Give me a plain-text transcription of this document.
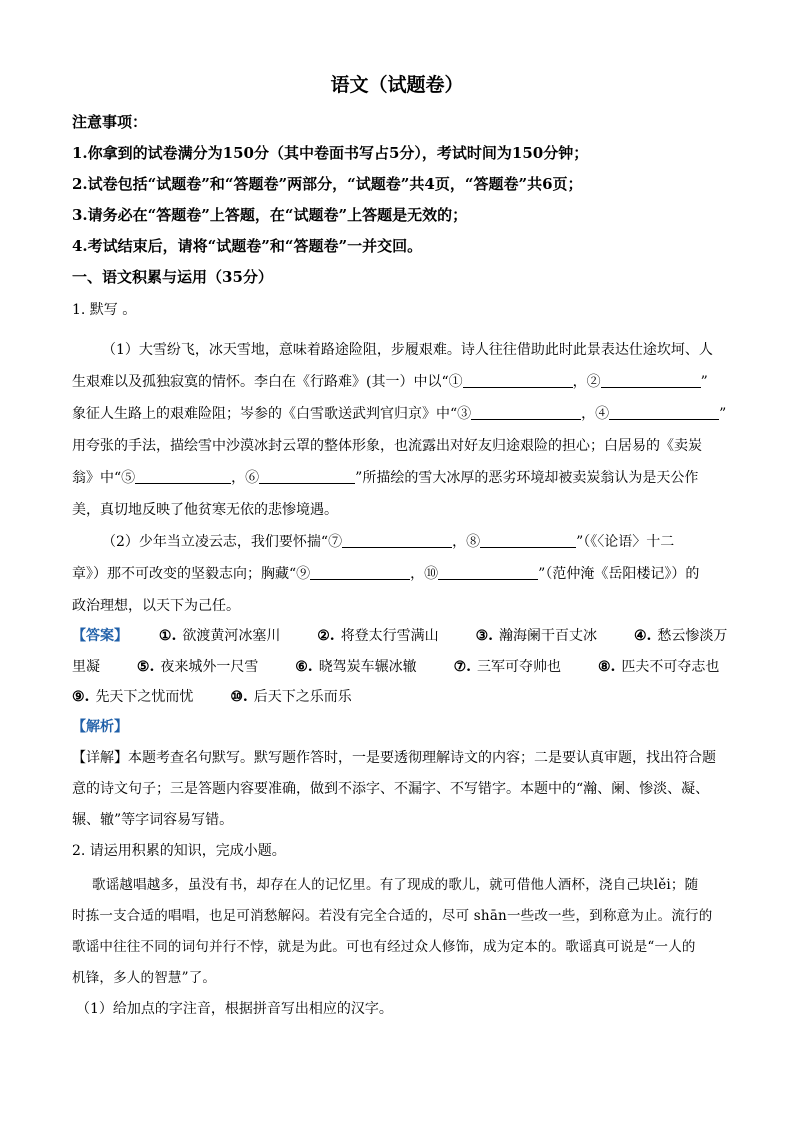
语文（试题卷）
注意事项：
1.你拿到的试卷满分为150分（其中卷面书写占5分），考试时间为150分钟；
2.试卷包括“试题卷”和“答题卷”两部分，“试题卷”共4页，“答题卷”共6页；
3.请务必在“答题卷”上答题，在“试题卷”上答题是无效的；
4.考试结束后，请将“试题卷”和“答题卷”一并交回。
一、语文积累与运用（35分）
1. 默写 。
（1）大雪纷飞，冰天雪地，意味着路途险阻，步履艰难。诗人往往借助此时此景表达仕途坎坷、人
生艰难以及孤独寂寞的情怀。李白在《行路难》(其一）中以“①	，②	”
象征人生路上的艰难险阻；岑参的《白雪歌送武判官归京》中“③	，④	”
用夸张的手法，描绘雪中沙漠冰封云罩的整体形象，也流露出对好友归途艰险的担心；白居易的《卖炭
翁》中“⑤	，⑥	”所描绘的雪大冰厚的恶劣环境却被卖炭翁认为是天公作
美，真切地反映了他贫寒无依的悲惨境遇。
（2）少年当立凌云志，我们要怀揣“⑦	，⑧	”（《〈论语〉十二
章》）那不可改变的坚毅志向；胸藏“⑨	，⑩	”（范仲淹《岳阳楼记》）的
政治理想，以天下为己任。
【答案】 ①. 欲渡黄河冰塞川	②. 将登太行雪满山	③. 瀚海阑干百丈冰	④. 愁云惨淡万
里凝	⑤. 夜来城外一尺雪	⑥. 晓驾炭车辗冰辙	⑦. 三军可夺帅也	⑧. 匹夫不可夺志也
⑨. 先天下之忧而忧	⑩. 后天下之乐而乐
【解析】
【详解】本题考查名句默写。默写题作答时，一是要透彻理解诗文的内容；二是要认真审题，找出符合题
意的诗文句子；三是答题内容要准确，做到不添字、不漏字、不写错字。本题中的“瀚、阑、惨淡、凝、
辗、辙”等字词容易写错。
2. 请运用积累的知识，完成小题。
歌谣越唱越多，虽没有书，却存在人的记忆里。有了现成的歌儿，就可借他人酒杯，浇自己块lěi；随
时拣一支合适的唱唱，也足可消愁解闷。若没有完全合适的，尽可 shān一些改一些，到称意为止。流行的
歌谣中往往不同的词句并行不悖，就是为此。可也有经过众人修饰，成为定本的。歌谣真可说是“一人的
机锋，多人的智慧”了。
（1）给加点的字注音，根据拼音写出相应的汉字。
